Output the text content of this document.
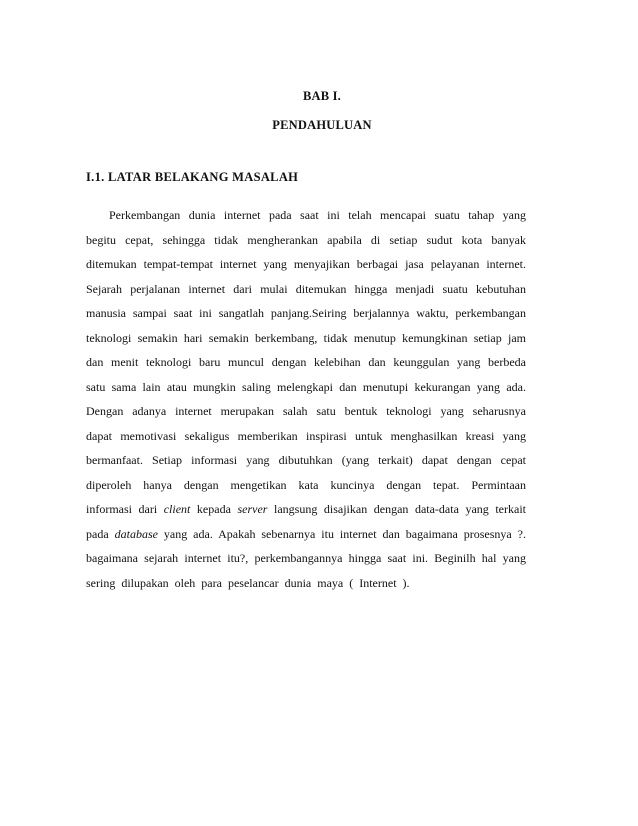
BAB I.
PENDAHULUAN
I.1. LATAR BELAKANG MASALAH
Perkembangan dunia internet pada saat ini telah mencapai suatu tahap yang
begitu cepat, sehingga tidak mengherankan apabila di setiap sudut kota banyak
ditemukan tempat-tempat internet yang menyajikan berbagai jasa pelayanan internet.
Sejarah perjalanan internet dari mulai ditemukan hingga menjadi suatu kebutuhan
manusia sampai saat ini sangatlah panjang.Seiring berjalannya waktu, perkembangan
teknologi semakin hari semakin berkembang, tidak menutup kemungkinan setiap jam
dan menit teknologi baru muncul dengan kelebihan dan keunggulan yang berbeda
satu sama lain atau mungkin saling melengkapi dan menutupi kekurangan yang ada.
Dengan adanya internet merupakan salah satu bentuk teknologi yang seharusnya
dapat memotivasi sekaligus memberikan inspirasi untuk menghasilkan kreasi yang
bermanfaat. Setiap informasi yang dibutuhkan (yang terkait) dapat dengan cepat
diperoleh hanya dengan mengetikan kata kuncinya dengan tepat. Permintaan
informasi dari client kepada server langsung disajikan dengan data-data yang terkait
pada database yang ada. Apakah sebenarnya itu internet dan bagaimana prosesnya ?.
bagaimana sejarah internet itu?, perkembangannya hingga saat ini. Beginilh hal yang
sering dilupakan oleh para peselancar dunia maya ( Internet ).
